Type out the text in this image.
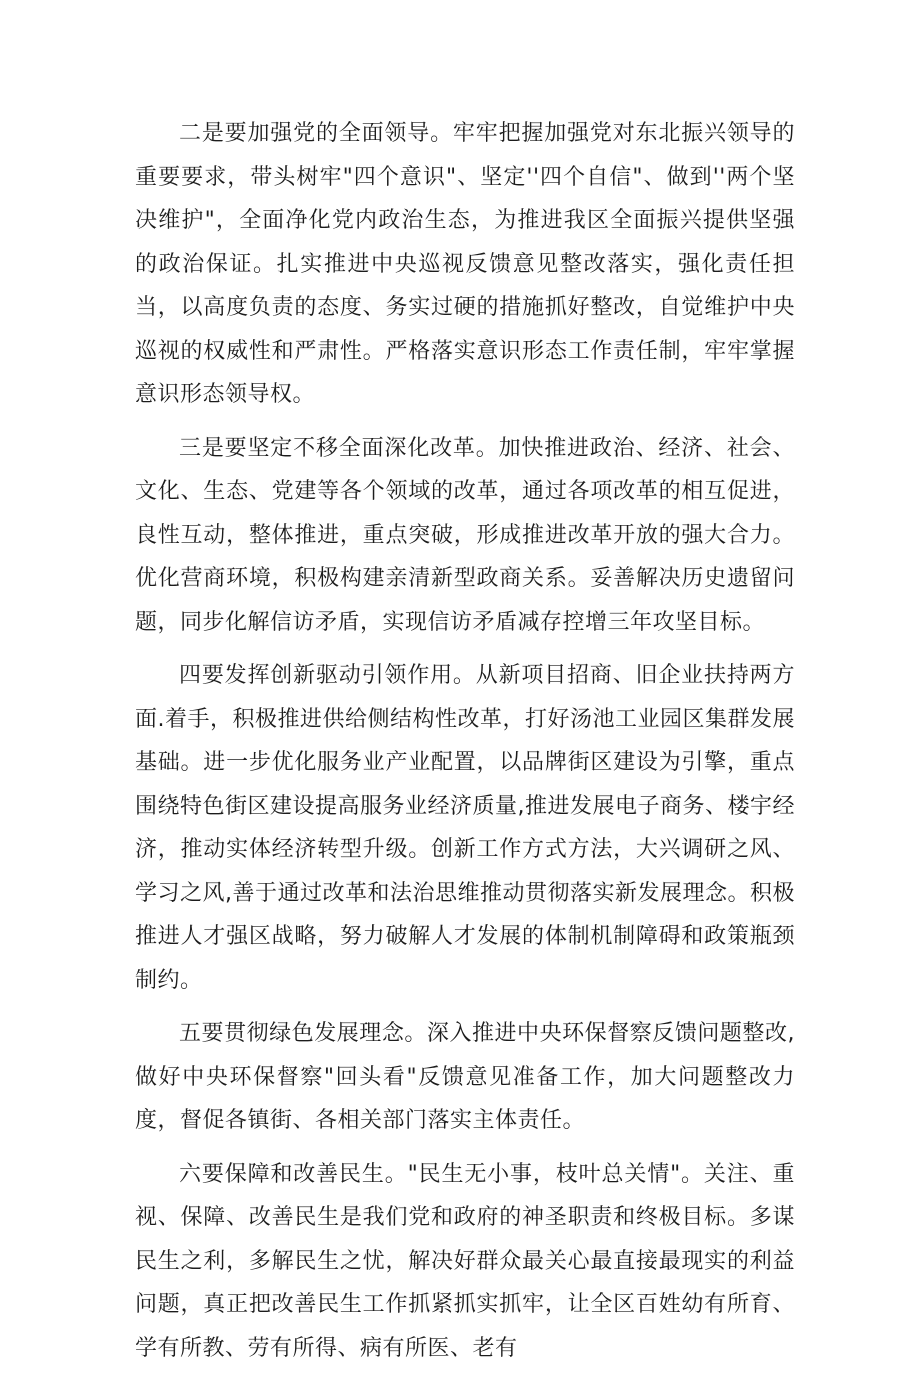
二是要加强党的全面领导。牢牢把握加强党对东北振兴领导的重要要求，带头树牢"四个意识"、坚定''四个自信"、做到''两个坚决维护"，全面净化党内政治生态，为推进我区全面振兴提供坚强的政治保证。扎实推进中央巡视反馈意见整改落实，强化责任担当，以高度负责的态度、务实过硬的措施抓好整改，自觉维护中央巡视的权威性和严肃性。严格落实意识形态工作责任制，牢牢掌握意识形态领导权。

三是要坚定不移全面深化改革。加快推进政治、经济、社会、文化、生态、党建等各个领域的改革，通过各项改革的相互促进，良性互动，整体推进，重点突破，形成推进改革开放的强大合力。优化营商环境，积极构建亲清新型政商关系。妥善解决历史遗留问题，同步化解信访矛盾，实现信访矛盾减存控增三年攻坚目标。

四要发挥创新驱动引领作用。从新项目招商、旧企业扶持两方面.着手，积极推进供给侧结构性改革，打好汤池工业园区集群发展基础。进一步优化服务业产业配置，以品牌街区建设为引擎，重点围绕特色街区建设提高服务业经济质量,推进发展电子商务、楼宇经济，推动实体经济转型升级。创新工作方式方法，大兴调研之风、学习之风,善于通过改革和法治思维推动贯彻落实新发展理念。积极推进人才强区战略，努力破解人才发展的体制机制障碍和政策瓶颈制约。

五要贯彻绿色发展理念。深入推进中央环保督察反馈问题整改,做好中央环保督察"回头看"反馈意见准备工作，加大问题整改力度，督促各镇街、各相关部门落实主体责任。

六要保障和改善民生。"民生无小事，枝叶总关情"。关注、重视、保障、改善民生是我们党和政府的神圣职责和终极目标。多谋民生之利，多解民生之忧，解决好群众最关心最直接最现实的利益问题，真正把改善民生工作抓紧抓实抓牢，让全区百姓幼有所育、学有所教、劳有所得、病有所医、老有
